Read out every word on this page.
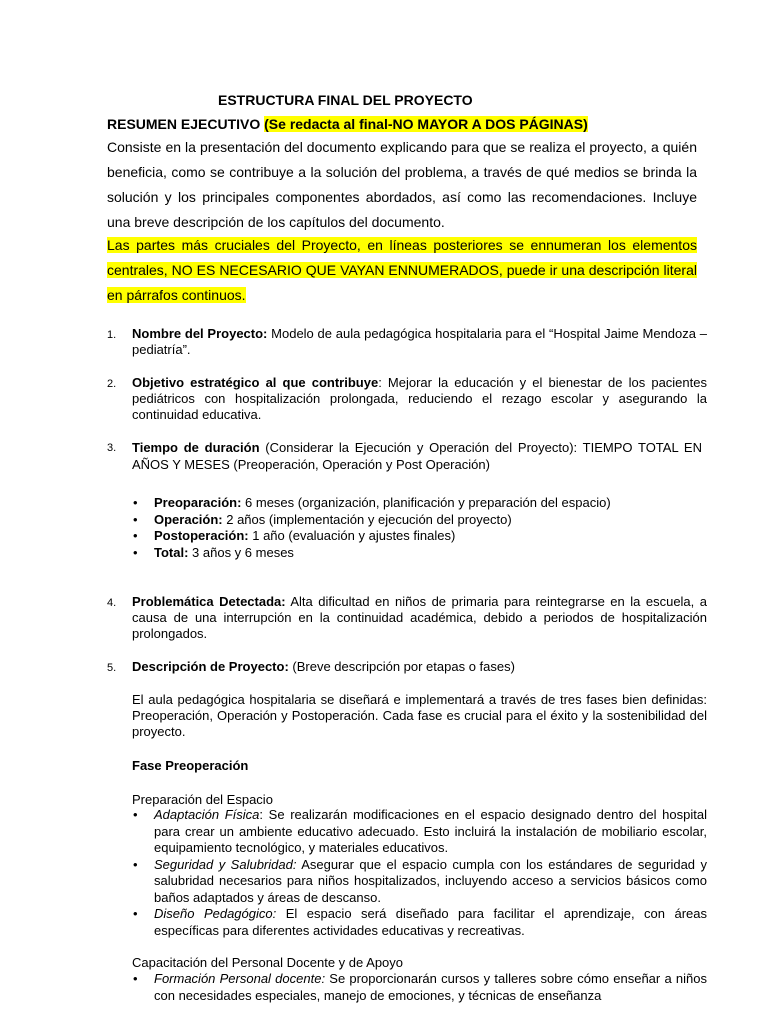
ESTRUCTURA FINAL DEL PROYECTO
RESUMEN EJECUTIVO (Se redacta al final-NO MAYOR A DOS PÁGINAS)
Consiste en la presentación del documento explicando para que se realiza el proyecto, a quién beneficia, como se contribuye a la solución del problema, a través de qué medios se brinda la solución y los principales componentes abordados, así como las recomendaciones. Incluye una breve descripción de los capítulos del documento.
Las partes más cruciales del Proyecto, en líneas posteriores se ennumeran los elementos centrales, NO ES NECESARIO QUE VAYAN ENNUMERADOS, puede ir una descripción literal en párrafos continuos.
1. Nombre del Proyecto: Modelo de aula pedagógica hospitalaria para el “Hospital Jaime Mendoza – pediatría”.
2. Objetivo estratégico al que contribuye: Mejorar la educación y el bienestar de los pacientes pediátricos con hospitalización prolongada, reduciendo el rezago escolar y asegurando la continuidad educativa.
3. Tiempo de duración (Considerar la Ejecución y Operación del Proyecto): TIEMPO TOTAL EN AÑOS Y MESES (Preoperación, Operación y Post Operación)
• Preoparación: 6 meses (organización, planificación y preparación del espacio)
• Operación: 2 años (implementación y ejecución del proyecto)
• Postoperación: 1 año (evaluación y ajustes finales)
• Total: 3 años y 6 meses
4. Problemática Detectada: Alta dificultad en niños de primaria para reintegrarse en la escuela, a causa de una interrupción en la continuidad académica, debido a periodos de hospitalización prolongados.
5. Descripción de Proyecto: (Breve descripción por etapas o fases)
El aula pedagógica hospitalaria se diseñará e implementará a través de tres fases bien definidas: Preoperación, Operación y Postoperación. Cada fase es crucial para el éxito y la sostenibilidad del proyecto.
Fase Preoperación
Preparación del Espacio
• Adaptación Física: Se realizarán modificaciones en el espacio designado dentro del hospital para crear un ambiente educativo adecuado. Esto incluirá la instalación de mobiliario escolar, equipamiento tecnológico, y materiales educativos.
• Seguridad y Salubridad: Asegurar que el espacio cumpla con los estándares de seguridad y salubridad necesarios para niños hospitalizados, incluyendo acceso a servicios básicos como baños adaptados y áreas de descanso.
• Diseño Pedagógico: El espacio será diseñado para facilitar el aprendizaje, con áreas específicas para diferentes actividades educativas y recreativas.
Capacitación del Personal Docente y de Apoyo
• Formación Personal docente: Se proporcionarán cursos y talleres sobre cómo enseñar a niños con necesidades especiales, manejo de emociones, y técnicas de enseñanza
